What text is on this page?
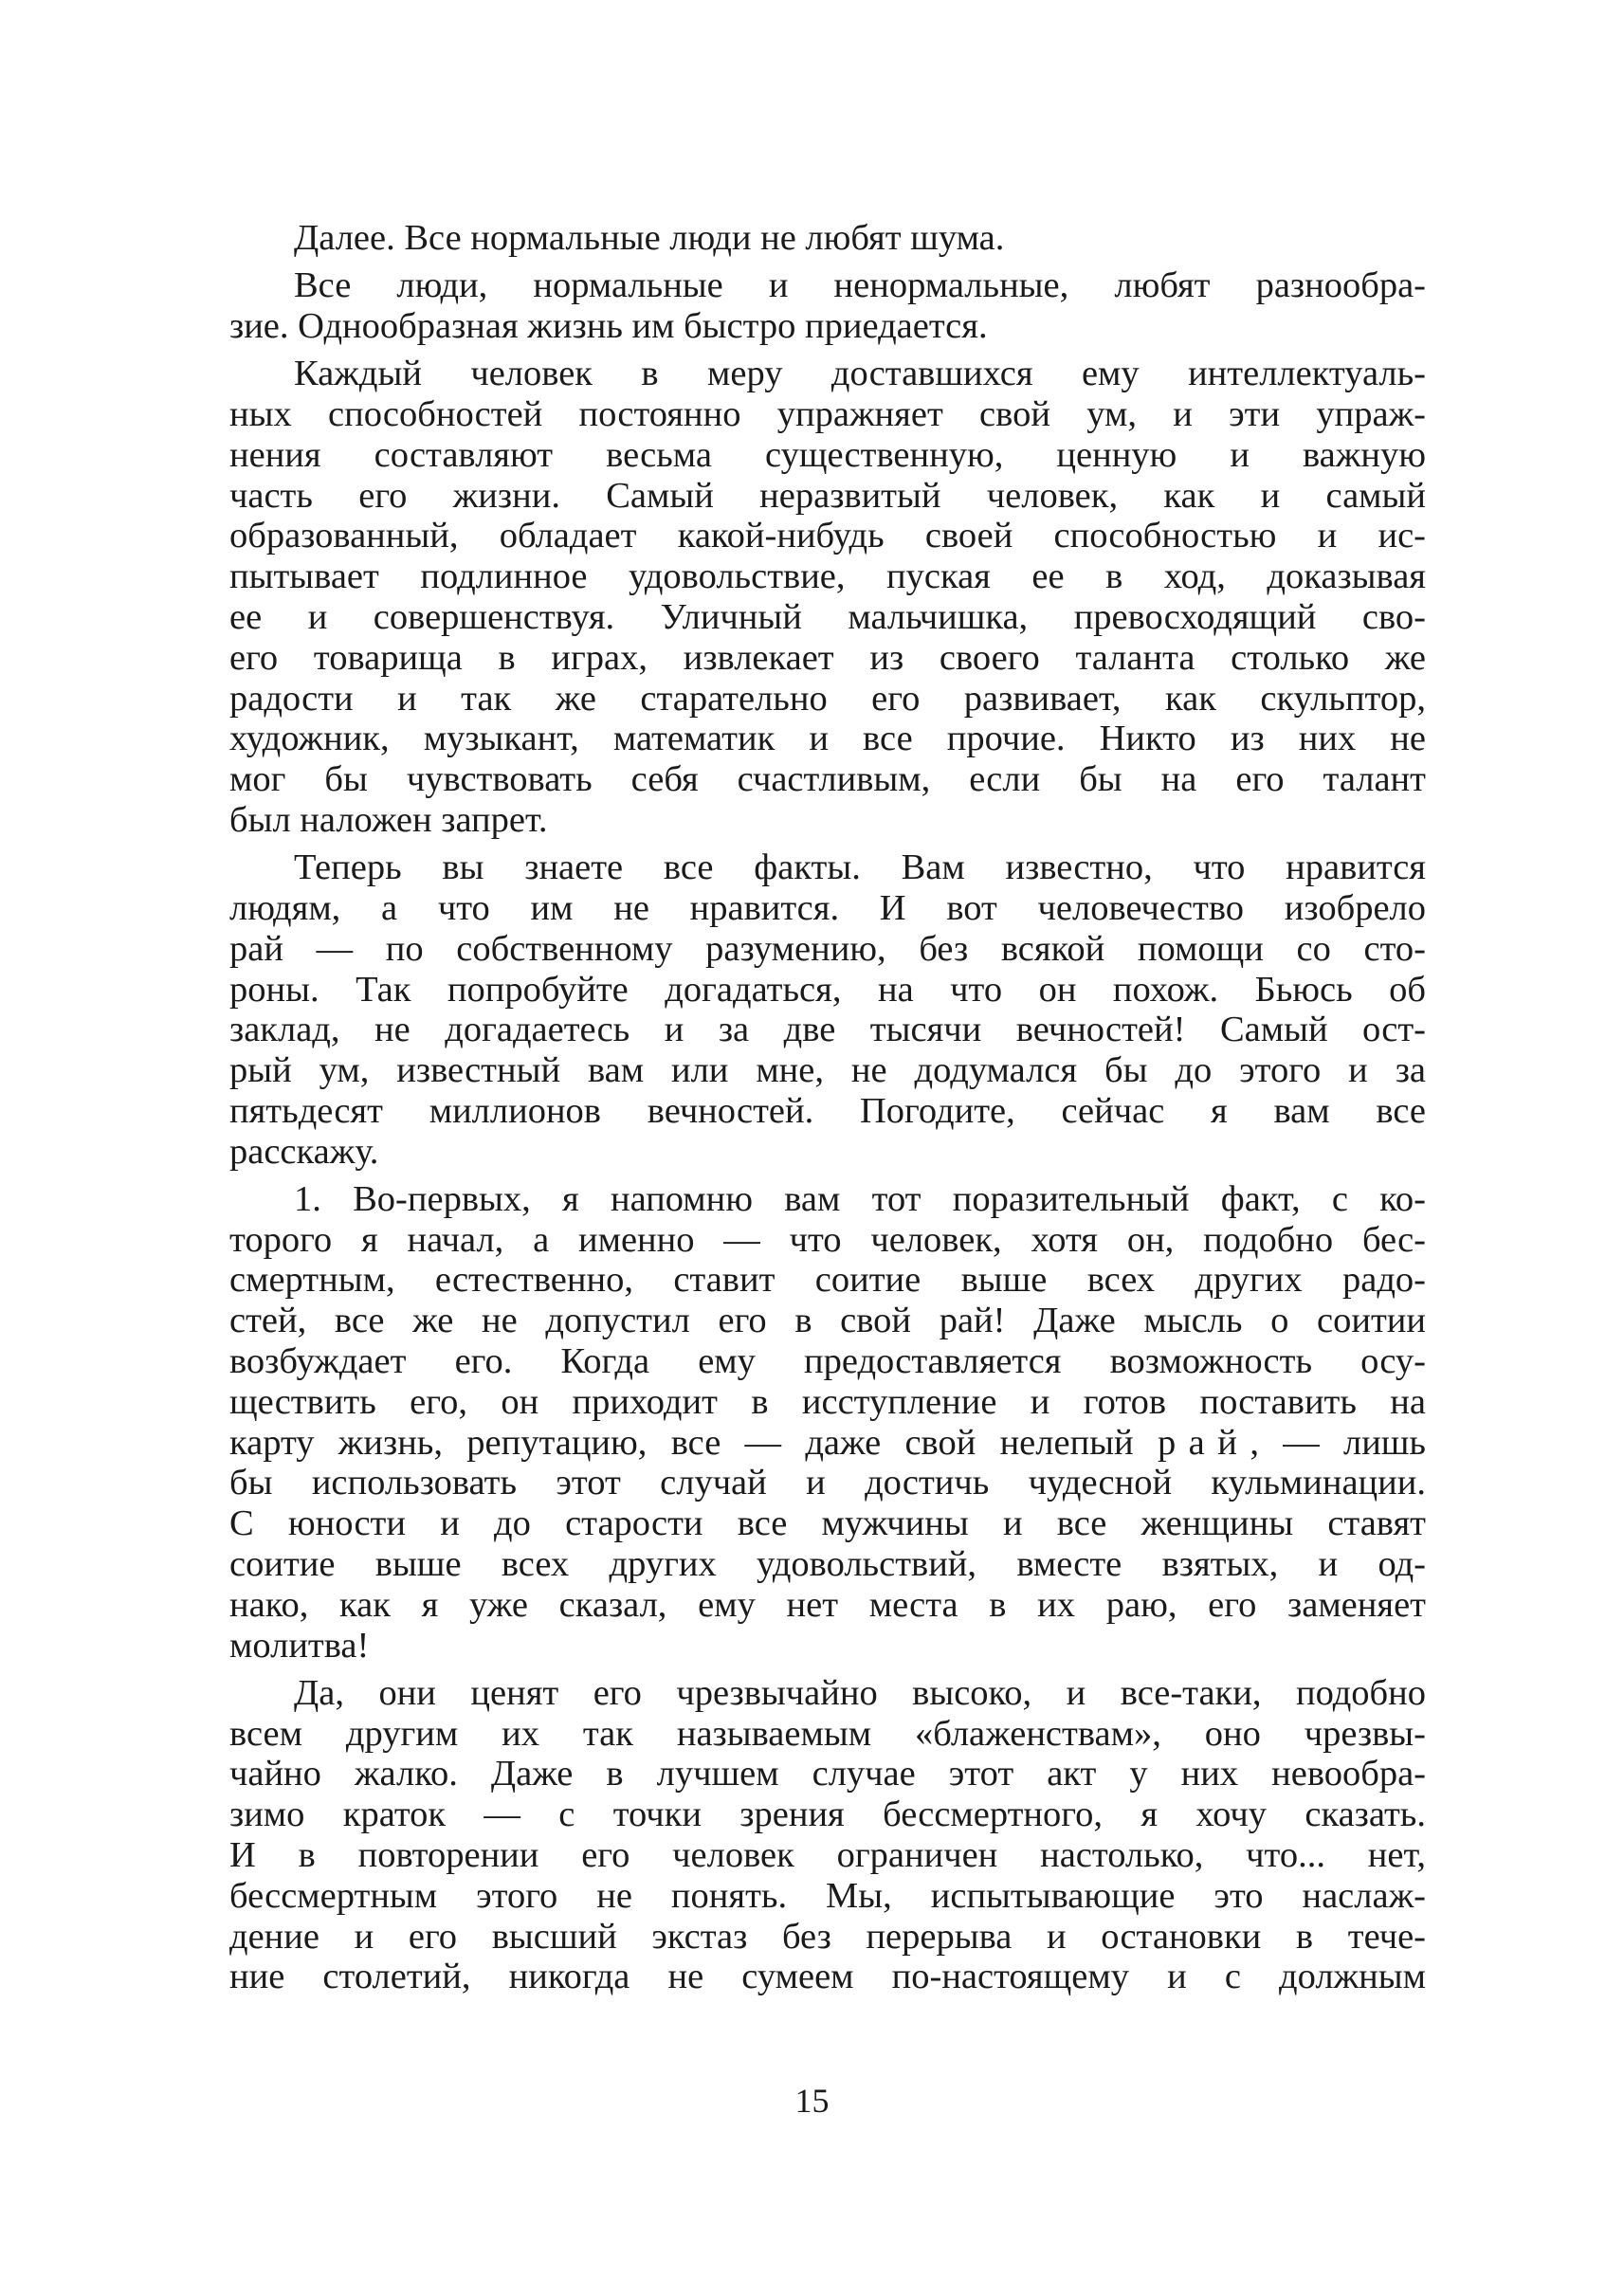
Далее. Все нормальные люди не любят шума.
Все люди, нормальные и ненормальные, любят разнообра-
зие. Однообразная жизнь им быстро приедается.
Каждый человек в меру доставшихся ему интеллектуаль-
ных способностей постоянно упражняет свой ум, и эти упраж-
нения составляют весьма существенную, ценную и важную
часть его жизни. Самый неразвитый человек, как и самый
образованный, обладает какой-нибудь своей способностью и ис-
пытывает подлинное удовольствие, пуская ее в ход, доказывая
ее и совершенствуя. Уличный мальчишка, превосходящий сво-
его товарища в играх, извлекает из своего таланта столько же
радости и так же старательно его развивает, как скульптор,
художник, музыкант, математик и все прочие. Никто из них не
мог бы чувствовать себя счастливым, если бы на его талант
был наложен запрет.
Теперь вы знаете все факты. Вам известно, что нравится
людям, а что им не нравится. И вот человечество изобрело
рай — по собственному разумению, без всякой помощи со сто-
роны. Так попробуйте догадаться, на что он похож. Бьюсь об
заклад, не догадаетесь и за две тысячи вечностей! Самый ост-
рый ум, известный вам или мне, не додумался бы до этого и за
пятьдесят миллионов вечностей. Погодите, сейчас я вам все
расскажу.
1. Во-первых, я напомню вам тот поразительный факт, с ко-
торого я начал, а именно — что человек, хотя он, подобно бес-
смертным, естественно, ставит соитие выше всех других радо-
стей, все же не допустил его в свой рай! Даже мысль о соитии
возбуждает его. Когда ему предоставляется возможность осу-
ществить его, он приходит в исступление и готов поставить на
карту жизнь, репутацию, все — даже свой нелепый рай, — лишь
бы использовать этот случай и достичь чудесной кульминации.
С юности и до старости все мужчины и все женщины ставят
соитие выше всех других удовольствий, вместе взятых, и од-
нако, как я уже сказал, ему нет места в их раю, его заменяет
молитва!
Да, они ценят его чрезвычайно высоко, и все-таки, подобно
всем другим их так называемым «блаженствам», оно чрезвы-
чайно жалко. Даже в лучшем случае этот акт у них невообра-
зимо краток — с точки зрения бессмертного, я хочу сказать.
И в повторении его человек ограничен настолько, что... нет,
бессмертным этого не понять. Мы, испытывающие это наслаж-
дение и его высший экстаз без перерыва и остановки в тече-
ние столетий, никогда не сумеем по-настоящему и с должным
15
